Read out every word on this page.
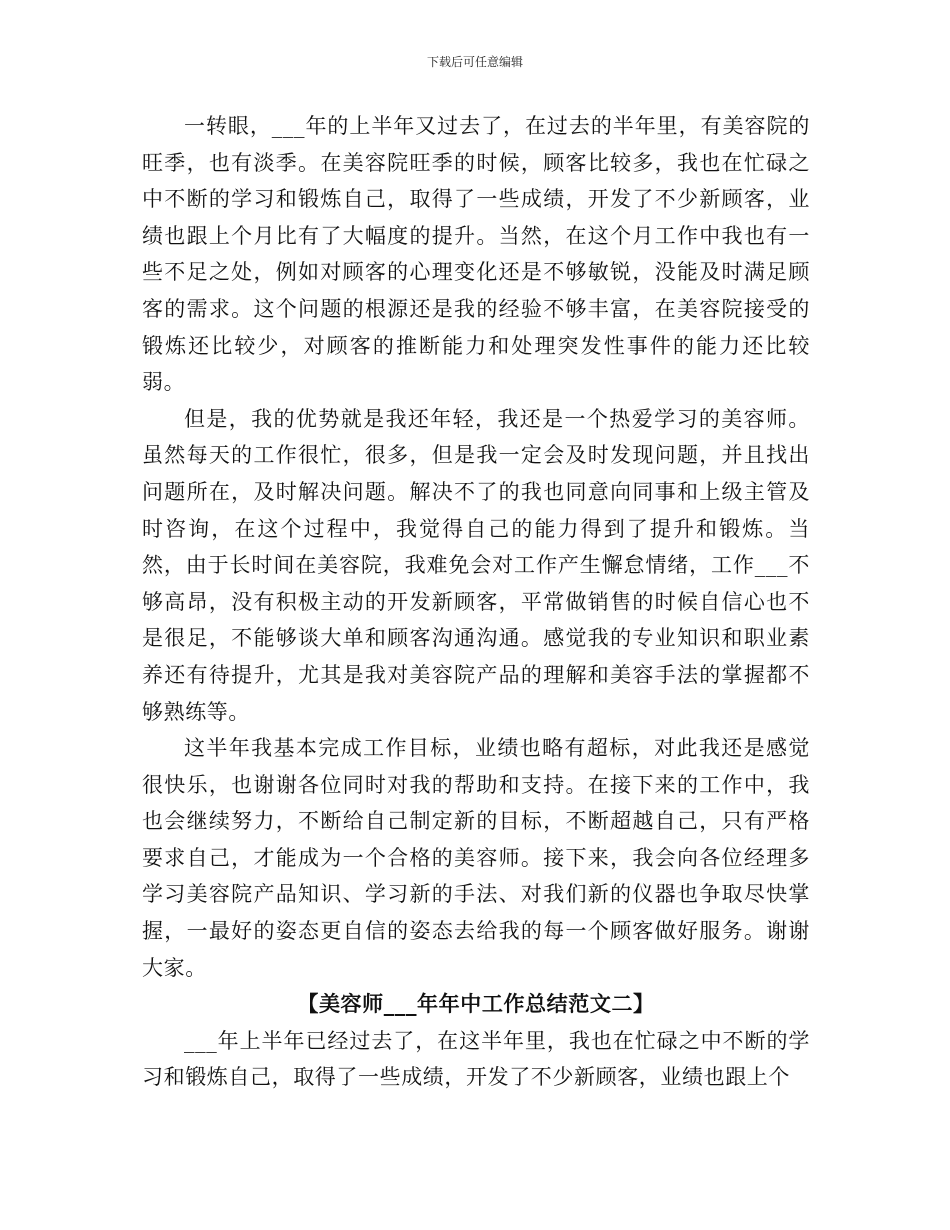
下载后可任意编辑

一转眼，___年的上半年又过去了，在过去的半年里，有美容院的旺季，也有淡季。在美容院旺季的时候，顾客比较多，我也在忙碌之中不断的学习和锻炼自己，取得了一些成绩，开发了不少新顾客，业绩也跟上个月比有了大幅度的提升。当然，在这个月工作中我也有一些不足之处，例如对顾客的心理变化还是不够敏锐，没能及时满足顾客的需求。这个问题的根源还是我的经验不够丰富，在美容院接受的锻炼还比较少，对顾客的推断能力和处理突发性事件的能力还比较弱。

但是，我的优势就是我还年轻，我还是一个热爱学习的美容师。虽然每天的工作很忙，很多，但是我一定会及时发现问题，并且找出问题所在，及时解决问题。解决不了的我也同意向同事和上级主管及时咨询，在这个过程中，我觉得自己的能力得到了提升和锻炼。当然，由于长时间在美容院，我难免会对工作产生懈怠情绪，工作___不够高昂，没有积极主动的开发新顾客，平常做销售的时候自信心也不是很足，不能够谈大单和顾客沟通沟通。感觉我的专业知识和职业素养还有待提升，尤其是我对美容院产品的理解和美容手法的掌握都不够熟练等。

这半年我基本完成工作目标，业绩也略有超标，对此我还是感觉很快乐，也谢谢各位同时对我的帮助和支持。在接下来的工作中，我也会继续努力，不断给自己制定新的目标，不断超越自己，只有严格要求自己，才能成为一个合格的美容师。接下来，我会向各位经理多学习美容院产品知识、学习新的手法、对我们新的仪器也争取尽快掌握，一最好的姿态更自信的姿态去给我的每一个顾客做好服务。谢谢大家。

【美容师___年年中工作总结范文二】

___年上半年已经过去了，在这半年里，我也在忙碌之中不断的学习和锻炼自己，取得了一些成绩，开发了不少新顾客，业绩也跟上个
